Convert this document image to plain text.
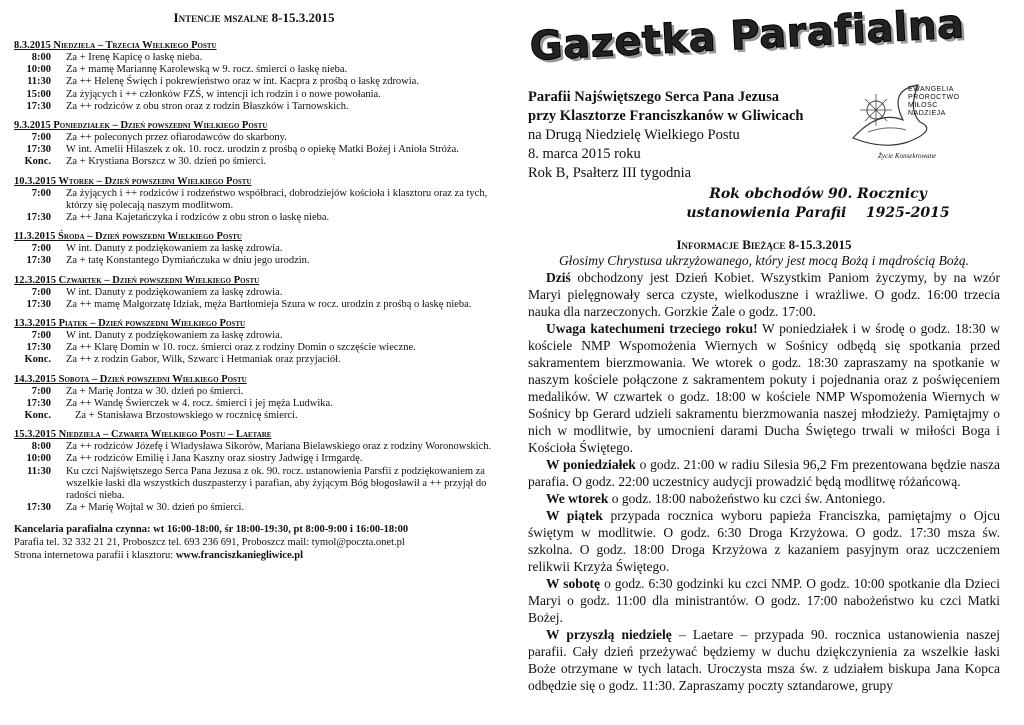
Intencje mszalne 8-15.3.2015
8.3.2015 Niedziela – Trzecia Wielkiego Postu
8:00	Za + Irenę Kapicę o łaskę nieba.
10:00	Za + mamę Mariannę Karolewską w 9. rocz. śmierci o łaskę nieba.
11:30	Za ++ Helenę Święch i pokrewieństwo oraz w int. Kacpra z prośbą o łaskę zdrowia.
15:00	Za żyjących i ++ członków FZŚ, w intencji ich rodzin i o nowe powołania.
17:30	Za ++ rodziców z obu stron oraz z rodzin Błaszków i Tarnowskich.
9.3.2015 Poniedziałek – Dzień powszedni Wielkiego Postu
7:00	Za ++ poleconych przez ofiarodawców do skarbony.
17:30	W int. Amelii Hilaszek z ok. 10. rocz. urodzin z prośbą o opiekę Matki Bożej i Anioła Stróża.
Konc.	Za + Krystiana Borszcz w 30. dzień po śmierci.
10.3.2015 Wtorek – Dzień powszedni Wielkiego Postu
7:00	Za żyjących i ++ rodziców i rodzeństwo współbraci, dobrodziejów kościoła i klasztoru oraz za tych, którzy się polecają naszym modlitwom.
17:30	Za ++ Jana Kajetańczyka i rodziców z obu stron o łaskę nieba.
11.3.2015 Środa – Dzień powszedni Wielkiego Postu
7:00	W int. Danuty z podziękowaniem za łaskę zdrowia.
17:30	Za + tatę Konstantego Dymiańczuka w dniu jego urodzin.
12.3.2015 Czwartek – Dzień powszedni Wielkiego Postu
7:00	W int. Danuty z podziękowaniem za łaskę zdrowia.
17:30	Za ++ mamę Małgorzatę Idziak, męża Bartłomieja Szura w rocz. urodzin z prośbą o łaskę nieba.
13.3.2015 Piątek – Dzień powszedni Wielkiego Postu
7:00	W int. Danuty z podziękowaniem za łaskę zdrowia.
17:30	Za ++ Klarę Domin w 10. rocz. śmierci oraz z rodziny Domin o szczęście wieczne.
Konc.	Za ++ z rodzin Gabor, Wilk, Szwarc i Hetmaniak oraz przyjaciół.
14.3.2015 Sobota – Dzień powszedni Wielkiego Postu
7:00	Za + Marię Jontza w 30. dzień po śmierci.
17:30	Za ++ Wandę Świerczek w 4. rocz. śmierci i jej męża Ludwika.
Konc.	Za + Stanisława Brzostowskiego w rocznicę śmierci.
15.3.2015 Niedziela – Czwarta Wielkiego Postu – Laetare
8:00	Za ++ rodziców Józefę i Władysława Sikorów, Mariana Bielawskiego oraz z rodziny Woronowskich.
10:00	Za ++ rodziców Emilię i Jana Kaszny oraz siostry Jadwigę i Irmgardę.
11:30	Ku czci Najświętszego Serca Pana Jezusa z ok. 90. rocz. ustanowienia Parsfii z podziękowaniem za wszelkie łaski dla wszystkich duszpasterzy i parafian, aby żyjącym Bóg błogosławił a ++ przyjął do radości nieba.
17:30	Za + Marię Wojtal w 30. dzień po śmierci.
Kancelaria parafialna czynna: wt 16:00-18:00, śr 18:00-19:30, pt 8:00-9:00 i 16:00-18:00
Parafia tel. 32 332 21 21, Proboszcz tel. 693 236 691, Proboszcz mail: tymol@poczta.onet.pl
Strona internetowa parafii i klasztoru: www.franciszkaniegliwice.pl
Gazetka Parafialna
Parafii Najświętszego Serca Pana Jezusa
przy Klasztorze Franciszkanów w Gliwicach
na Drugą Niedzielę Wielkiego Postu
8. marca 2015 roku
Rok B, Psałterz III tygodnia
EWANGELIA
PROROCTWO
MIŁOŚĆ
NADZIEJA
Życie Konsekrowane
Rok obchodów 90. Rocznicy
ustanowienia Parafii    1925-2015
Informacje Bieżące 8-15.3.2015
Głosimy Chrystusa ukrzyżowanego, który jest mocą Bożą i mądrością Bożą.
Dziś obchodzony jest Dzień Kobiet. Wszystkim Paniom życzymy, by na wzór Maryi pielęgnowały serca czyste, wielkoduszne i wrażliwe. O godz. 16:00 trzecia nauka dla narzeczonych. Gorzkie Żale o godz. 17:00.
Uwaga katechumeni trzeciego roku! W poniedziałek i w środę o godz. 18:30 w kościele NMP Wspomożenia Wiernych w Sośnicy odbędą się spotkania przed sakramentem bierzmowania. We wtorek o godz. 18:30 zapraszamy na spotkanie w naszym kościele połączone z sakramentem pokuty i pojednania oraz z poświęceniem medalików. W czwartek o godz. 18:00 w kościele NMP Wspomożenia Wiernych w Sośnicy bp Gerard udzieli sakramentu bierzmowania naszej młodzieży. Pamiętajmy o nich w modlitwie, by umocnieni darami Ducha Świętego trwali w miłości Boga i Kościoła Świętego.
W poniedziałek o godz. 21:00 w radiu Silesia 96,2 Fm prezentowana będzie nasza parafia. O godz. 22:00 uczestnicy audycji prowadzić będą modlitwę różańcową.
We wtorek o godz. 18:00 nabożeństwo ku czci św. Antoniego.
W piątek przypada rocznica wyboru papieża Franciszka, pamiętajmy o Ojcu świętym w modlitwie. O godz. 6:30 Droga Krzyżowa. O godz. 17:30 msza św. szkolna. O godz. 18:00 Droga Krzyżowa z kazaniem pasyjnym oraz uczczeniem relikwii Krzyża Świętego.
W sobotę o godz. 6:30 godzinki ku czci NMP. O godz. 10:00 spotkanie dla Dzieci Maryi o godz. 11:00 dla ministrantów. O godz. 17:00 nabożeństwo ku czci Matki Bożej.
W przyszłą niedzielę – Laetare – przypada 90. rocznica ustanowienia naszej parafii. Cały dzień przeżywać będziemy w duchu dziękczynienia za wszelkie łaski Boże otrzymane w tych latach. Uroczysta msza św. z udziałem biskupa Jana Kopca odbędzie się o godz. 11:30. Zapraszamy poczty sztandarowe, grupy
